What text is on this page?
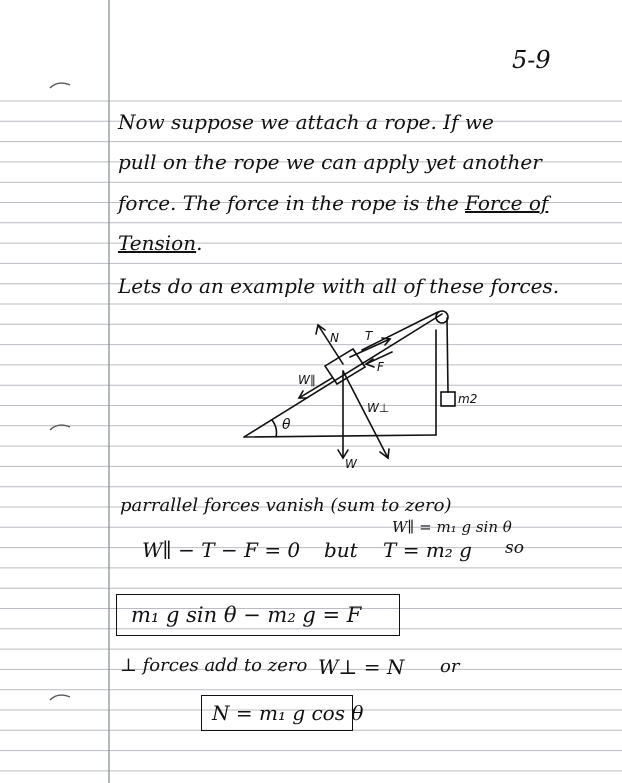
5-9
Now suppose we attach a rope. If we
pull on the rope we can apply yet another
force. The force in the rope is the Force of
Tension.
Lets do an example with all of these forces.
N T
F
W∥
W⊥
W
θ
m2
parrallel forces vanish (sum to zero)
W∥ = m₁ g sin θ
W∥ − T − F = 0 but T = m₂ g so
m₁ g sin θ − m₂ g = F
⊥ forces add to zero W⊥ = N or
N = m₁ g cos θ
